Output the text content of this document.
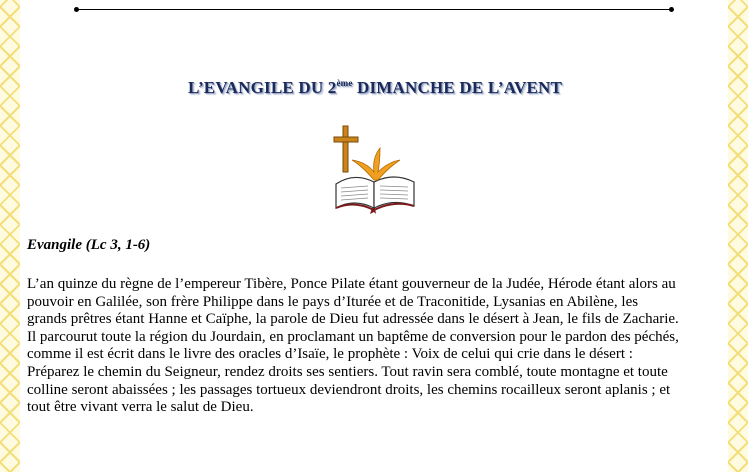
L’EVANGILE DU 2ème DIMANCHE DE L’AVENT
Evangile (Lc 3, 1-6)
L’an quinze du règne de l’empereur Tibère, Ponce Pilate étant gouverneur de la Judée, Hérode étant alors au
pouvoir en Galilée, son frère Philippe dans le pays d’Iturée et de Traconitide, Lysanias en Abilène, les
grands prêtres étant Hanne et Caïphe, la parole de Dieu fut adressée dans le désert à Jean, le fils de Zacharie.
Il parcourut toute la région du Jourdain, en proclamant un baptême de conversion pour le pardon des péchés,
comme il est écrit dans le livre des oracles d’Isaïe, le prophète : Voix de celui qui crie dans le désert :
Préparez le chemin du Seigneur, rendez droits ses sentiers. Tout ravin sera comblé, toute montagne et toute
colline seront abaissées ; les passages tortueux deviendront droits, les chemins rocailleux seront aplanis ; et
tout être vivant verra le salut de Dieu.
